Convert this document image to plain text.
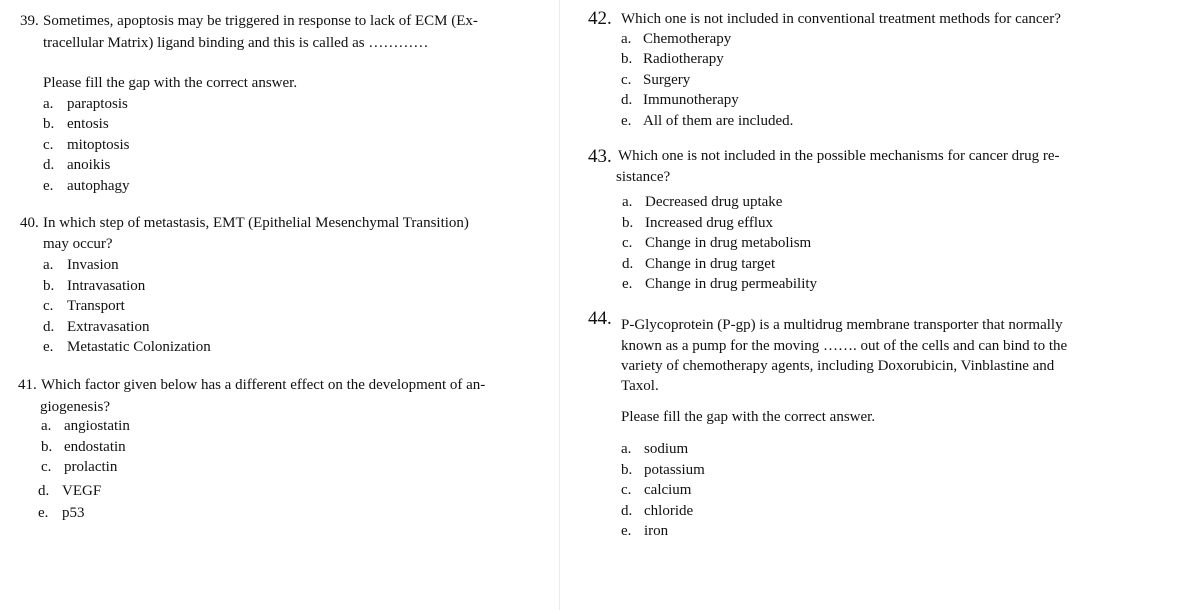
39. Sometimes, apoptosis may be triggered in response to lack of ECM (Ex-
tracellular Matrix) ligand binding and this is called as …………
Please fill the gap with the correct answer.
a. paraptosis
b. entosis
c. mitoptosis
d. anoikis
e. autophagy
40. In which step of metastasis, EMT (Epithelial Mesenchymal Transition)
may occur?
a. Invasion
b. Intravasation
c. Transport
d. Extravasation
e. Metastatic Colonization
41. Which factor given below has a different effect on the development of an-
giogenesis?
a. angiostatin
b. endostatin
c. prolactin
d. VEGF
e. p53
42. Which one is not included in conventional treatment methods for cancer?
a. Chemotherapy
b. Radiotherapy
c. Surgery
d. Immunotherapy
e. All of them are included.
43. Which one is not included in the possible mechanisms for cancer drug re-
sistance?
a. Decreased drug uptake
b. Increased drug efflux
c. Change in drug metabolism
d. Change in drug target
e. Change in drug permeability
44. P-Glycoprotein (P-gp) is a multidrug membrane transporter that normally
known as a pump for the moving ……. out of the cells and can bind to the
variety of chemotherapy agents, including Doxorubicin, Vinblastine and
Taxol.
Please fill the gap with the correct answer.
a. sodium
b. potassium
c. calcium
d. chloride
e. iron
